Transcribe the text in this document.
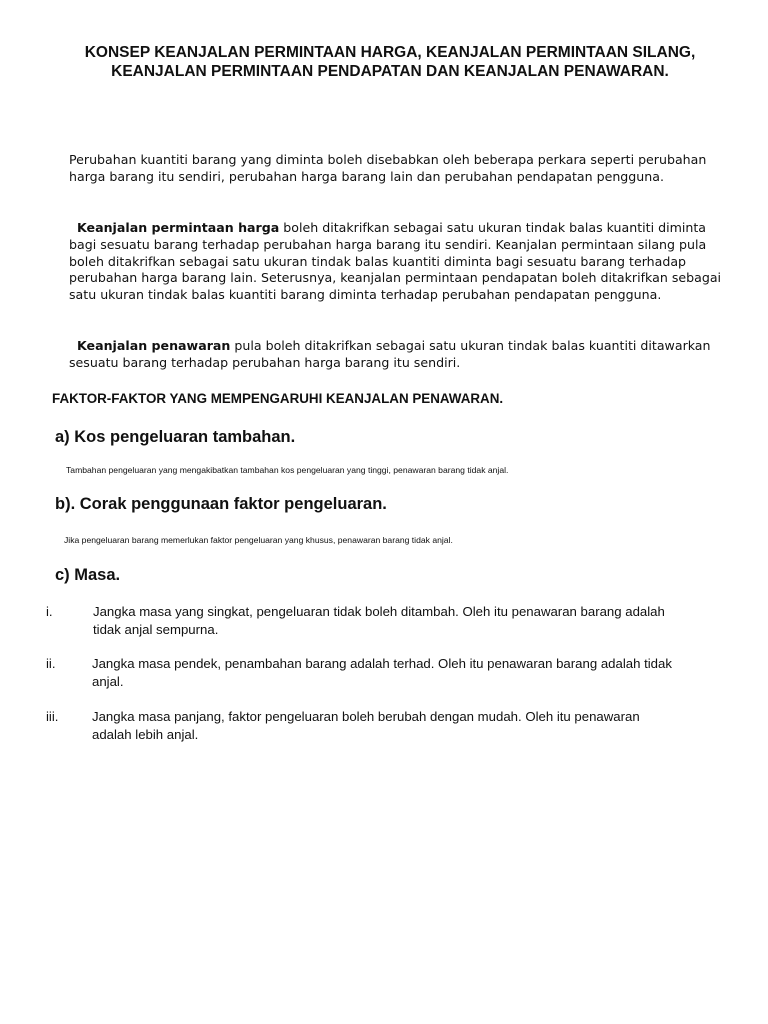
KONSEP KEANJALAN PERMINTAAN HARGA, KEANJALAN PERMINTAAN SILANG, KEANJALAN PERMINTAAN PENDAPATAN DAN KEANJALAN PENAWARAN.
Perubahan kuantiti barang yang diminta boleh disebabkan oleh beberapa perkara seperti perubahan harga barang itu sendiri, perubahan harga barang lain dan perubahan pendapatan pengguna.
Keanjalan permintaan harga boleh ditakrifkan sebagai satu ukuran tindak balas kuantiti diminta bagi sesuatu barang terhadap perubahan harga barang itu sendiri. Keanjalan permintaan silang pula boleh ditakrifkan sebagai satu ukuran tindak balas kuantiti diminta bagi sesuatu barang terhadap perubahan harga barang lain. Seterusnya, keanjalan permintaan pendapatan boleh ditakrifkan sebagai satu ukuran tindak balas kuantiti barang diminta terhadap perubahan pendapatan pengguna.
Keanjalan penawaran pula boleh ditakrifkan sebagai satu ukuran tindak balas kuantiti ditawarkan sesuatu barang terhadap perubahan harga barang itu sendiri.
FAKTOR-FAKTOR YANG MEMPENGARUHI KEANJALAN PENAWARAN.
a) Kos pengeluaran tambahan.
Tambahan pengeluaran yang mengakibatkan tambahan kos pengeluaran yang tinggi, penawaran barang tidak anjal.
b). Corak penggunaan faktor pengeluaran.
Jika pengeluaran barang memerlukan faktor pengeluaran yang khusus, penawaran barang tidak anjal.
c) Masa.
i.	Jangka masa yang singkat, pengeluaran tidak boleh ditambah. Oleh itu penawaran barang adalah
tidak anjal sempurna.
ii.	Jangka masa pendek, penambahan barang adalah terhad. Oleh itu penawaran barang adalah tidak
anjal.
iii.	Jangka masa panjang, faktor pengeluaran boleh berubah dengan mudah. Oleh itu penawaran
adalah lebih anjal.
